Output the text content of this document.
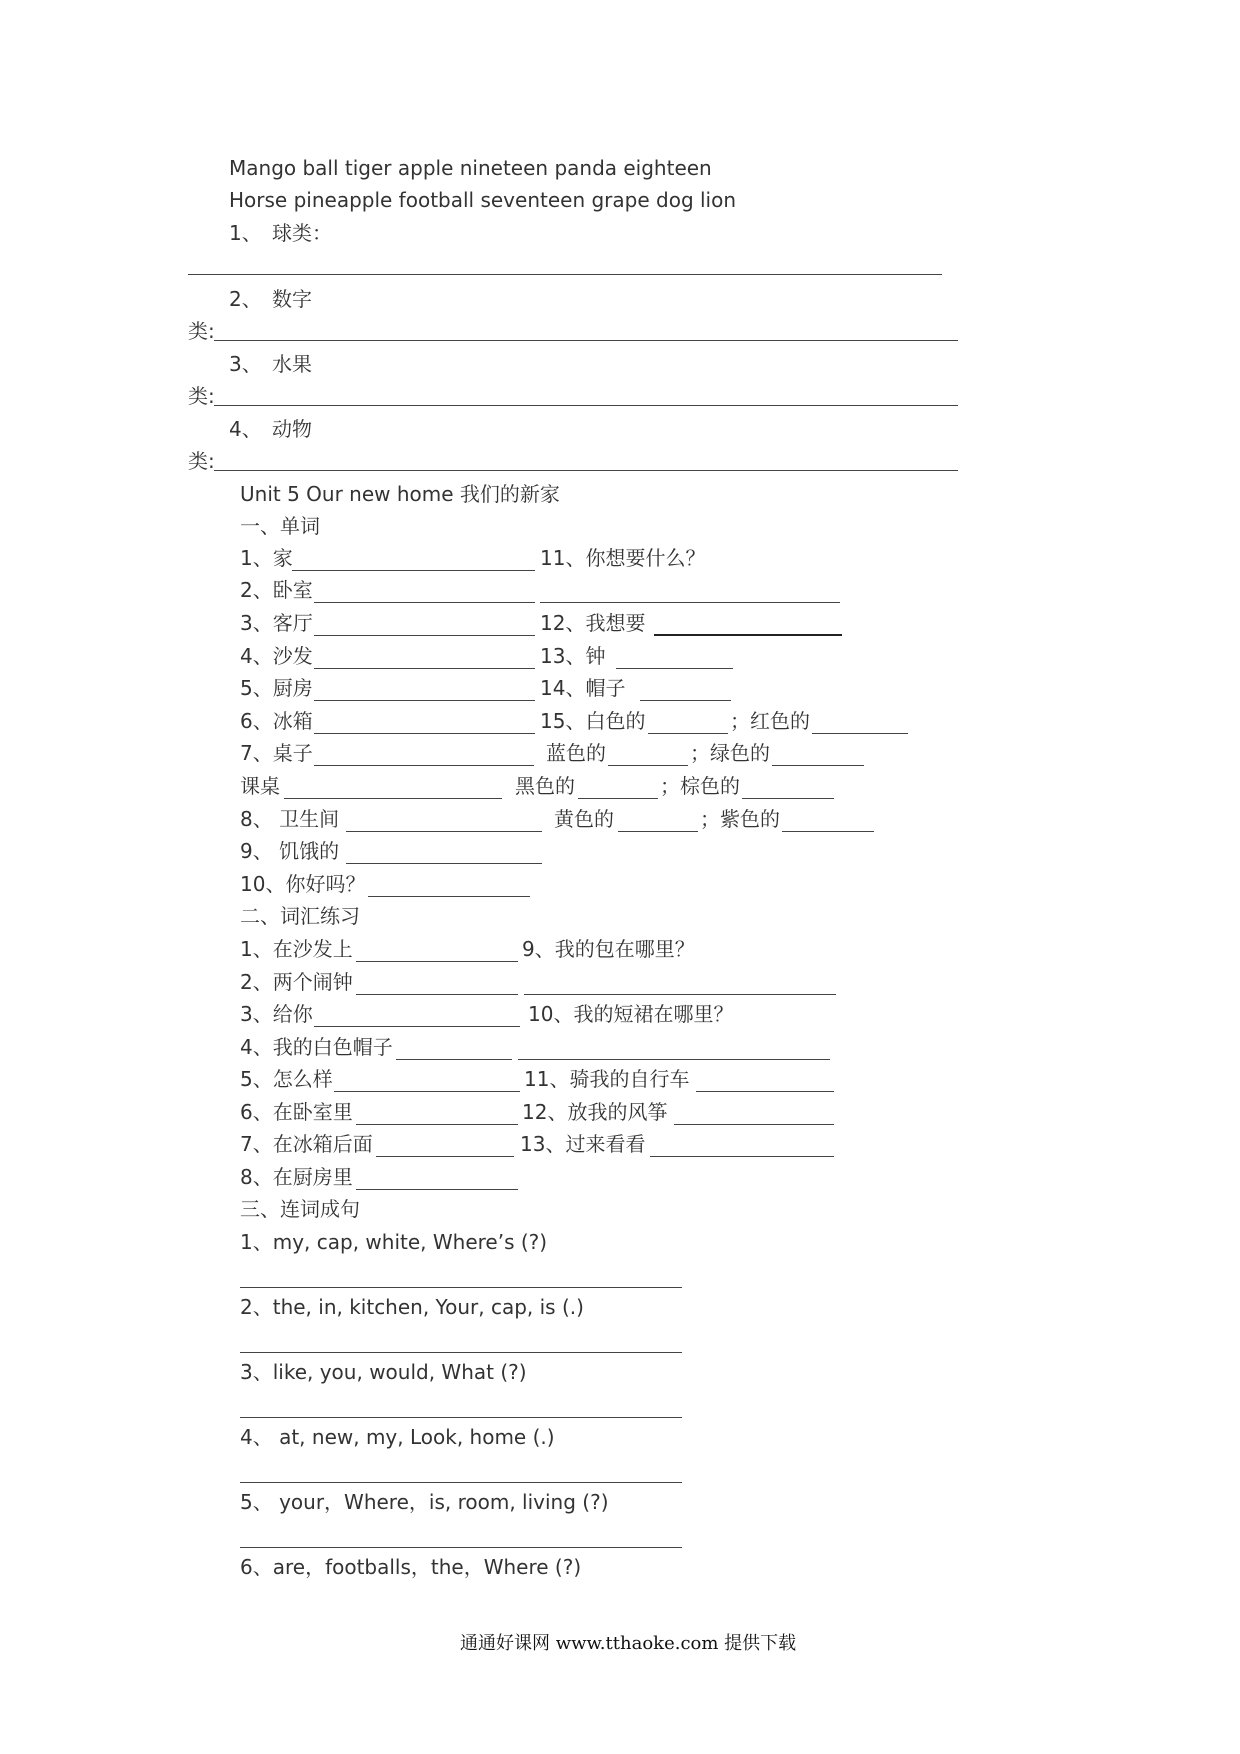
Mango ball tiger apple nineteen panda eighteen
Horse pineapple football seventeen grape dog lion
1、 球类：
2、 数字
类:
3、 水果
类:
4、 动物
类:
Unit 5 Our new home 我们的新家
一、单词
1、家	11、你想要什么？
2、卧室
3、客厅	12、我想要
4、沙发	13、钟
5、厨房	14、帽子
6、冰箱	15、白色的	；红色的
7、桌子	蓝色的	；绿色的
课桌	黑色的	；棕色的
8、 卫生间	黄色的	；紫色的
9、 饥饿的
10、你好吗？
二、词汇练习
1、在沙发上	9、我的包在哪里？
2、两个闹钟
3、给你	10、我的短裙在哪里？
4、我的白色帽子
5、怎么样	11、骑我的自行车
6、在卧室里	12、放我的风筝
7、在冰箱后面	13、过来看看
8、在厨房里
三、连词成句
1、my, cap, white, Where’s (?)
2、the, in, kitchen, Your, cap, is (.)
3、like, you, would, What (?)
4、 at, new, my, Look, home (.)
5、 your，Where，is, room, living (?)
6、are，footballs，the，Where (?)
通通好课网 www.tthaoke.com 提供下载
